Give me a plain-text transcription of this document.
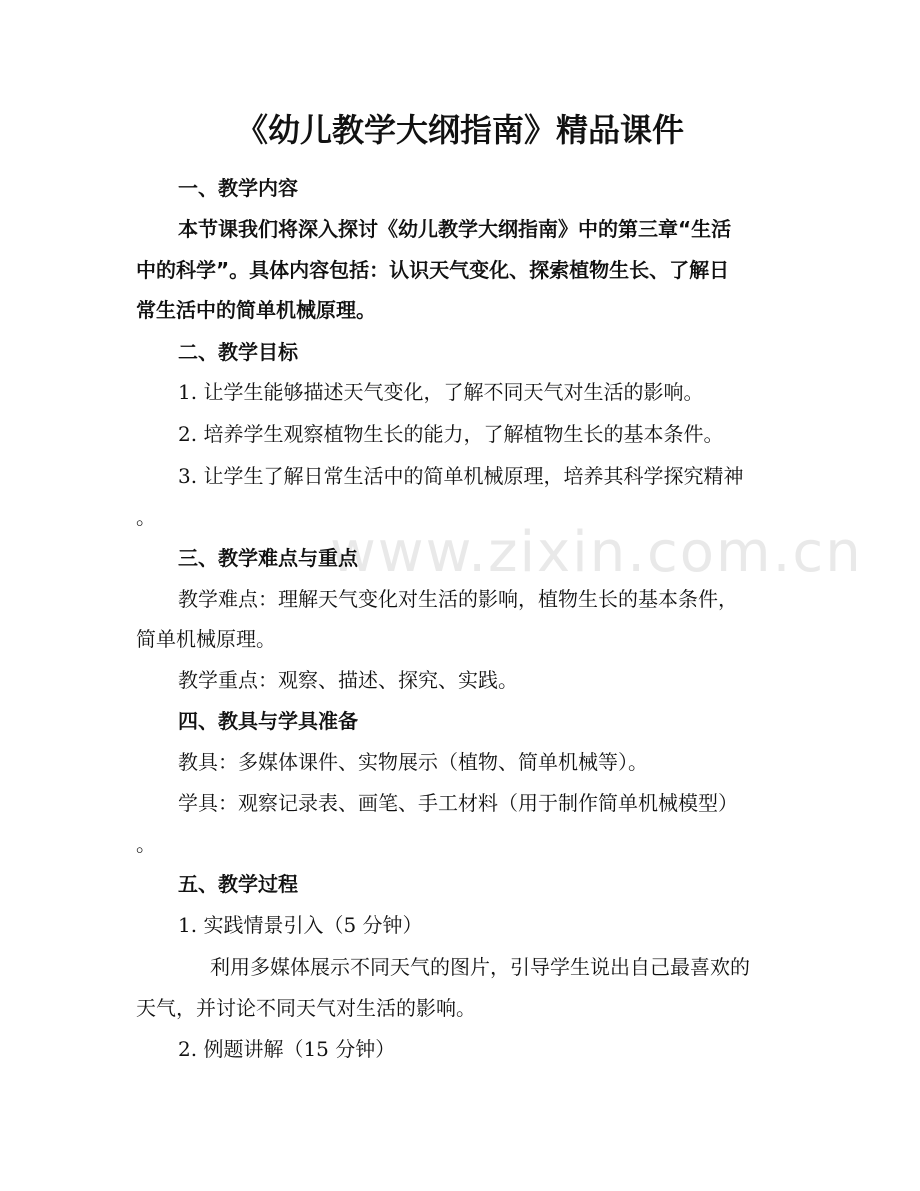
www.zixin.com.cn
《幼儿教学大纲指南》精品课件
一、教学内容
本节课我们将深入探讨《幼儿教学大纲指南》中的第三章“生活
中的科学”。具体内容包括：认识天气变化、探索植物生长、了解日
常生活中的简单机械原理。
二、教学目标
1. 让学生能够描述天气变化，了解不同天气对生活的影响。
2. 培养学生观察植物生长的能力，了解植物生长的基本条件。
3. 让学生了解日常生活中的简单机械原理，培养其科学探究精神
。
三、教学难点与重点
教学难点：理解天气变化对生活的影响，植物生长的基本条件，
简单机械原理。
教学重点：观察、描述、探究、实践。
四、教具与学具准备
教具：多媒体课件、实物展示（植物、简单机械等）。
学具：观察记录表、画笔、手工材料（用于制作简单机械模型）
。
五、教学过程
1. 实践情景引入（5 分钟）
利用多媒体展示不同天气的图片，引导学生说出自己最喜欢的
天气，并讨论不同天气对生活的影响。
2. 例题讲解（15 分钟）
